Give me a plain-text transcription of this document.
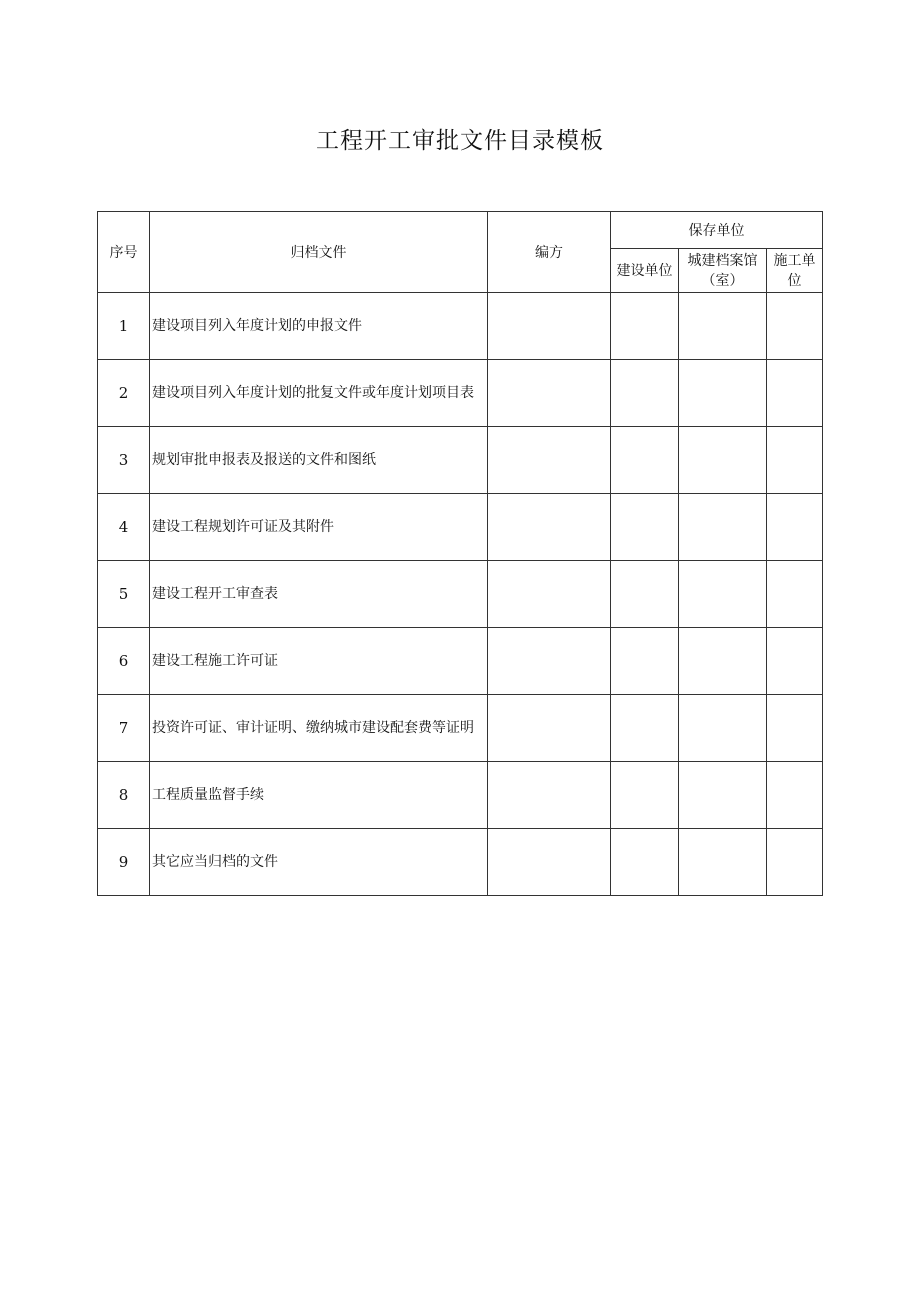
工程开工审批文件目录模板
序号	归档文件	编方	保存单位		
			建设单位	城建档案馆（室）	施工单位
1	建设项目列入年度计划的申报文件				
2	建设项目列入年度计划的批复文件或年度计划项目表				
3	规划审批申报表及报送的文件和图纸				
4	建设工程规划许可证及其附件				
5	建设工程开工审查表				
6	建设工程施工许可证				
7	投资许可证、审计证明、缴纳城市建设配套费等证明				
8	工程质量监督手续				
9	其它应当归档的文件				
